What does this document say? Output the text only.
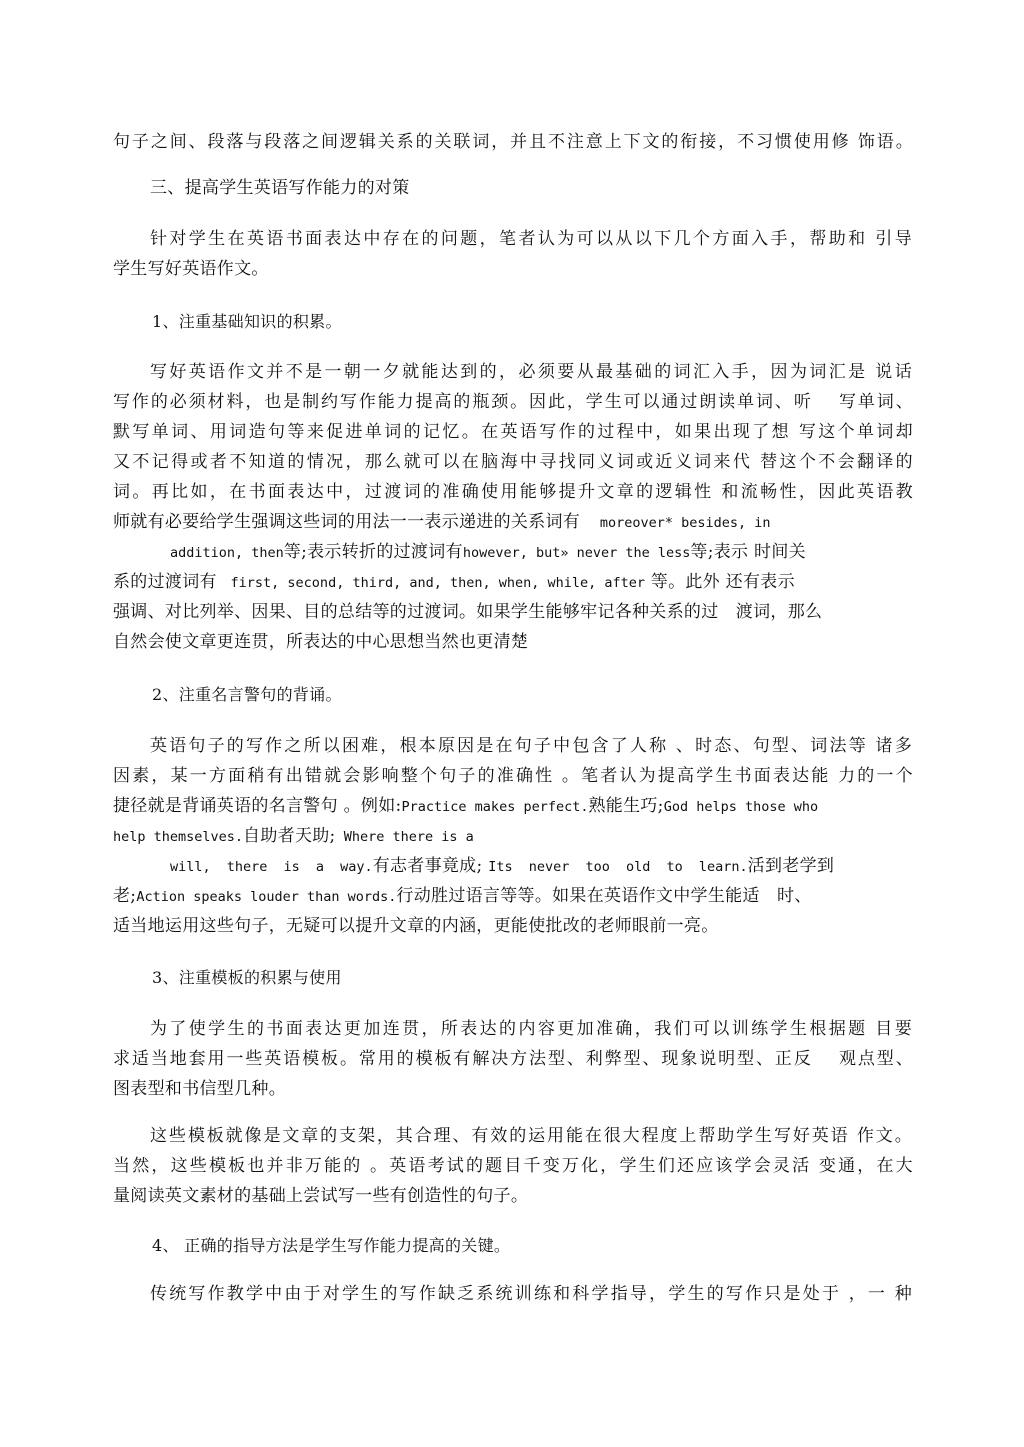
句子之间、段落与段落之间逻辑关系的关联词，并且不注意上下文的衔接，不习惯使用修 饰语。
三、提高学生英语写作能力的对策
针对学生在英语书面表达中存在的问题，笔者认为可以从以下几个方面入手，帮助和 引导
学生写好英语作文。
1、注重基础知识的积累。
写好英语作文并不是一朝一夕就能达到的，必须要从最基础的词汇入手，因为词汇是 说话
写作的必须材料，也是制约写作能力提高的瓶颈。因此，学生可以通过朗读单词、听　 写单词、
默写单词、用词造句等来促进单词的记忆。在英语写作的过程中，如果出现了想 写这个单词却
又不记得或者不知道的情况，那么就可以在脑海中寻找同义词或近义词来代 替这个不会翻译的
词。再比如，在书面表达中，过渡词的准确使用能够提升文章的逻辑性 和流畅性，因此英语教
师就有必要给学生强调这些词的用法一一表示递进的关系词有 moreover* besides, in
addition, then等;表示转折的过渡词有however, but» never the less等;表示 时间关
系的过渡词有 first, second, third, and, then, when, while, after 等。此外 还有表示
强调、对比列举、因果、目的总结等的过渡词。如果学生能够牢记各种关系的过　渡词，那么
自然会使文章更连贯，所表达的中心思想当然也更清楚
2、注重名言警句的背诵。
英语句子的写作之所以困难，根本原因是在句子中包含了人称 、时态、句型、词法等 诸多
因素，某一方面稍有出错就会影响整个句子的准确性 。笔者认为提高学生书面表达能 力的一个
捷径就是背诵英语的名言警句 。例如:Practice makes perfect.熟能生巧;God helps those who
help themselves.自助者天助; Where there is a
will, there is a way.有志者事竟成; Its never too old to learn.活到老学到
老;Action speaks louder than words.行动胜过语言等等。如果在英语作文中学生能适　时、
适当地运用这些句子，无疑可以提升文章的内涵，更能使批改的老师眼前一亮。
3、注重模板的积累与使用
为了使学生的书面表达更加连贯，所表达的内容更加准确，我们可以训练学生根据题 目要
求适当地套用一些英语模板。常用的模板有解决方法型、利弊型、现象说明型、正反　 观点型、
图表型和书信型几种。
这些模板就像是文章的支架，其合理、有效的运用能在很大程度上帮助学生写好英语 作文。
当然，这些模板也并非万能的 。英语考试的题目千变万化，学生们还应该学会灵活 变通，在大
量阅读英文素材的基础上尝试写一些有创造性的句子。
4、 正确的指导方法是学生写作能力提高的关键。
传统写作教学中由于对学生的写作缺乏系统训练和科学指导，学生的写作只是处于 ，一 种
